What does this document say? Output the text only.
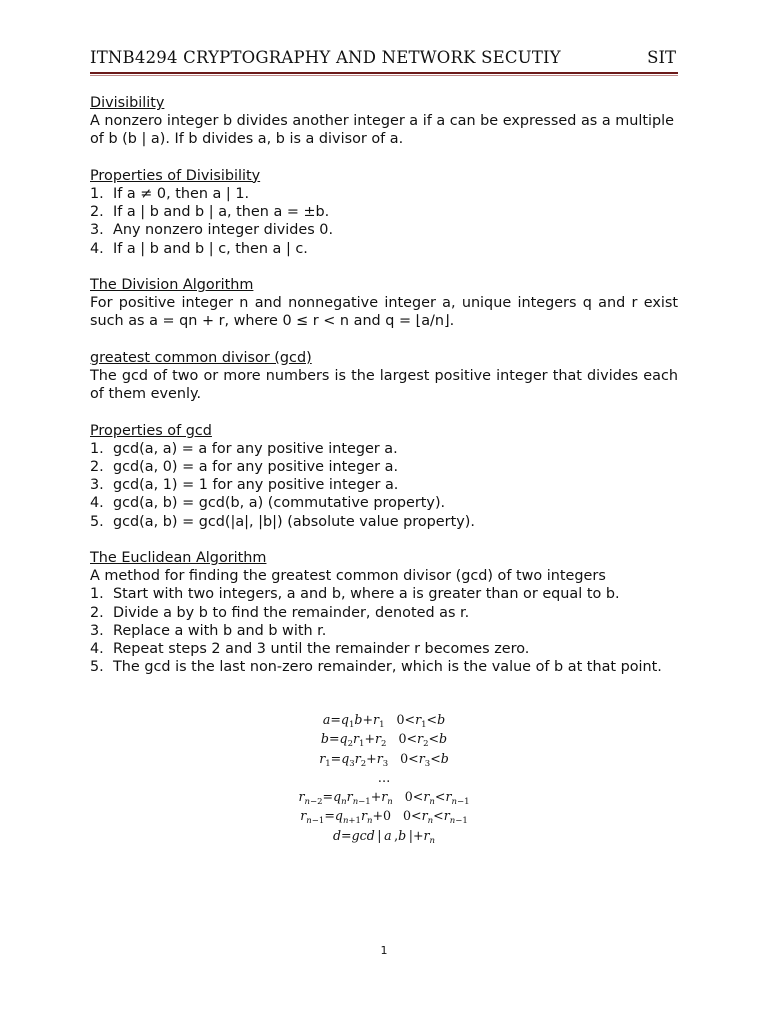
ITNB4294 CRYPTOGRAPHY AND NETWORK SECUTIY	SIT

Divisibility

A nonzero integer b divides another integer a if a can be expressed as a multiple of b (b | a). If b divides a, b is a divisor of a.

Properties of Divisibility

1. If a ≠ 0, then a | 1.
2. If a | b and b | a, then a = ±b.
3. Any nonzero integer divides 0.
4. If a | b and b | c, then a | c.

The Division Algorithm

For positive integer n and nonnegative integer a, unique integers q and r exist such as a = qn + r, where 0 ≤ r < n and q = ⌊a/n⌋.

greatest common divisor (gcd)

The gcd of two or more numbers is the largest positive integer that divides each of them evenly.

Properties of gcd

1. gcd(a, a) = a for any positive integer a.
2. gcd(a, 0) = a for any positive integer a.
3. gcd(a, 1) = 1 for any positive integer a.
4. gcd(a, b) = gcd(b, a) (commutative property).
5. gcd(a, b) = gcd(|a|, |b|) (absolute value property).

The Euclidean Algorithm

A method for finding the greatest common divisor (gcd) of two integers

1. Start with two integers, a and b, where a is greater than or equal to b.
2. Divide a by b to find the remainder, denoted as r.
3. Replace a with b and b with r.
4. Repeat steps 2 and 3 until the remainder r becomes zero.
5. The gcd is the last non-zero remainder, which is the value of b at that point.
$a=q_1b+r_1$   $0<r_1<b$
$b=q_2r_1+r_2$   $0<r_2<b$
$r_1=q_3r_2+r_3$   $0<r_3<b$
…
$r_{n-2}=q_nr_{n-1}+r_n$   $0<r_n<r_{n-1}$
$r_{n-1}=q_{n+1}r_n+0$   $0<r_n<r_{n-1}$
d=gcd | a ,b $|+r_n$
1
